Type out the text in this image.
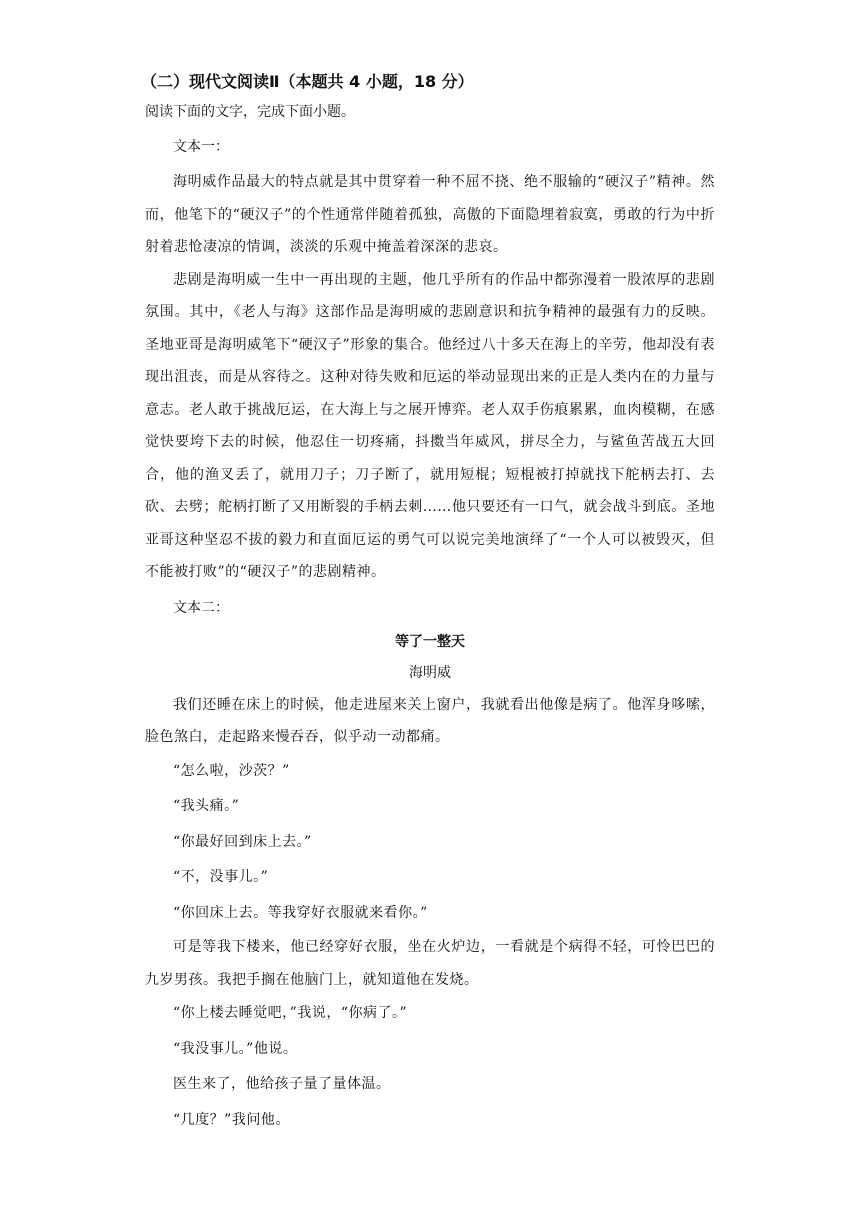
（二）现代文阅读Ⅱ（本题共 4 小题，18 分）
阅读下面的文字，完成下面小题。
文本一：

海明威作品最大的特点就是其中贯穿着一种不屈不挠、绝不服输的“硬汉子”精神。然而，他笔下的“硬汉子”的个性通常伴随着孤独，高傲的下面隐埋着寂寞，勇敢的行为中折射着悲怆凄凉的情调，淡淡的乐观中掩盖着深深的悲哀。

悲剧是海明威一生中一再出现的主题，他几乎所有的作品中都弥漫着一股浓厚的悲剧氛围。其中，《老人与海》这部作品是海明威的悲剧意识和抗争精神的最强有力的反映。圣地亚哥是海明威笔下“硬汉子”形象的集合。他经过八十多天在海上的辛劳，他却没有表现出沮丧，而是从容待之。这种对待失败和厄运的举动显现出来的正是人类内在的力量与意志。老人敢于挑战厄运，在大海上与之展开博弈。老人双手伤痕累累，血肉模糊，在感觉快要垮下去的时候，他忍住一切疼痛，抖擞当年威风，拼尽全力，与鲨鱼苦战五大回合，他的渔叉丢了，就用刀子；刀子断了，就用短棍；短棍被打掉就找下舵柄去打、去砍、去劈；舵柄打断了又用断裂的手柄去刺……他只要还有一口气，就会战斗到底。圣地亚哥这种坚忍不拔的毅力和直面厄运的勇气可以说完美地演绎了“一个人可以被毁灭，但不能被打败”的“硬汉子”的悲剧精神。

文本二：
等了一整天
海明威

我们还睡在床上的时候，他走进屋来关上窗户，我就看出他像是病了。他浑身哆嗦，脸色煞白，走起路来慢吞吞，似乎动一动都痛。

“怎么啦，沙茨？”

“我头痛。”

“你最好回到床上去。”

“不，没事儿。”

“你回床上去。等我穿好衣服就来看你。”

可是等我下楼来，他已经穿好衣服，坐在火炉边，一看就是个病得不轻，可怜巴巴的九岁男孩。我把手搁在他脑门上，就知道他在发烧。

“你上楼去睡觉吧，”我说，“你病了。”

“我没事儿。”他说。

医生来了，他给孩子量了量体温。

“几度？”我问他。
